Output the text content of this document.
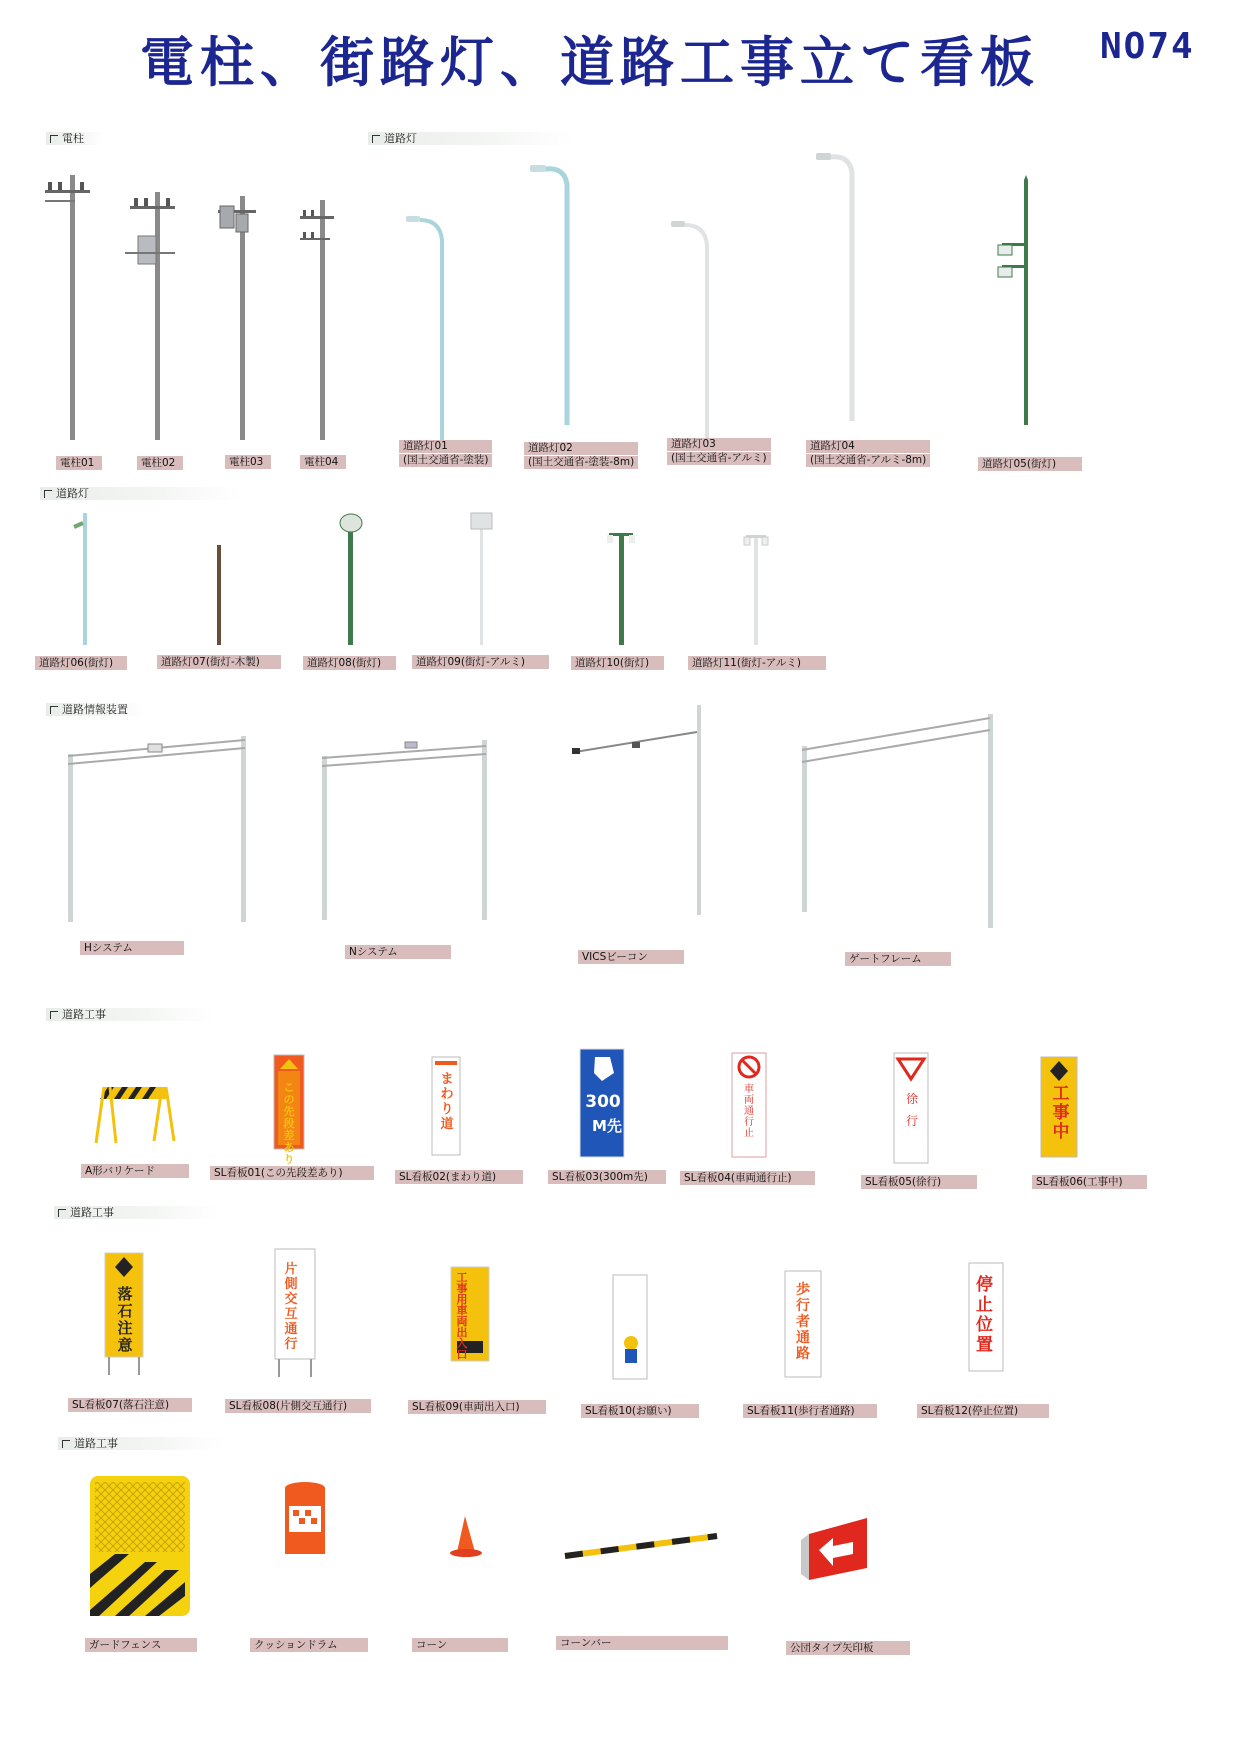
電柱、街路灯、道路工事立て看板 NO74
電柱
電柱01	電柱02	電柱03	電柱04
道路灯
道路灯01
(国土交通省-塗装)
道路灯02
(国土交通省-塗装-8m)
道路灯03
(国土交通省-アルミ)
道路灯04
(国土交通省-アルミ-8m)	道路灯05(街灯)
道路灯
道路灯06(街灯)	道路灯07(街灯-木製)	道路灯08(街灯)	道路灯09(街灯-アルミ)	道路灯10(街灯)	道路灯11(街灯-アルミ)
道路情報装置
Hシステム	Nシステム	VICSビーコン	ゲートフレーム
道路工事
この先段差あり
まわり道
300
M先
車両通行止
徐行
工事中
A形バリケード	SL看板01(この先段差あり)	SL看板02(まわり道)	SL看板03(300m先)	SL看板04(車両通行止)	SL看板05(徐行)	SL看板06(工事中)
道路工事
落石注意
片側交互通行
工事用車両出入口
歩行者通路
停止位置
SL看板07(落石注意)	SL看板08(片側交互通行)	SL看板09(車両出入口)	SL看板10(お願い)	SL看板11(歩行者通路)	SL看板12(停止位置)
道路工事
ガードフェンス	クッションドラム	コーン	コーンバー	公団タイプ矢印板
